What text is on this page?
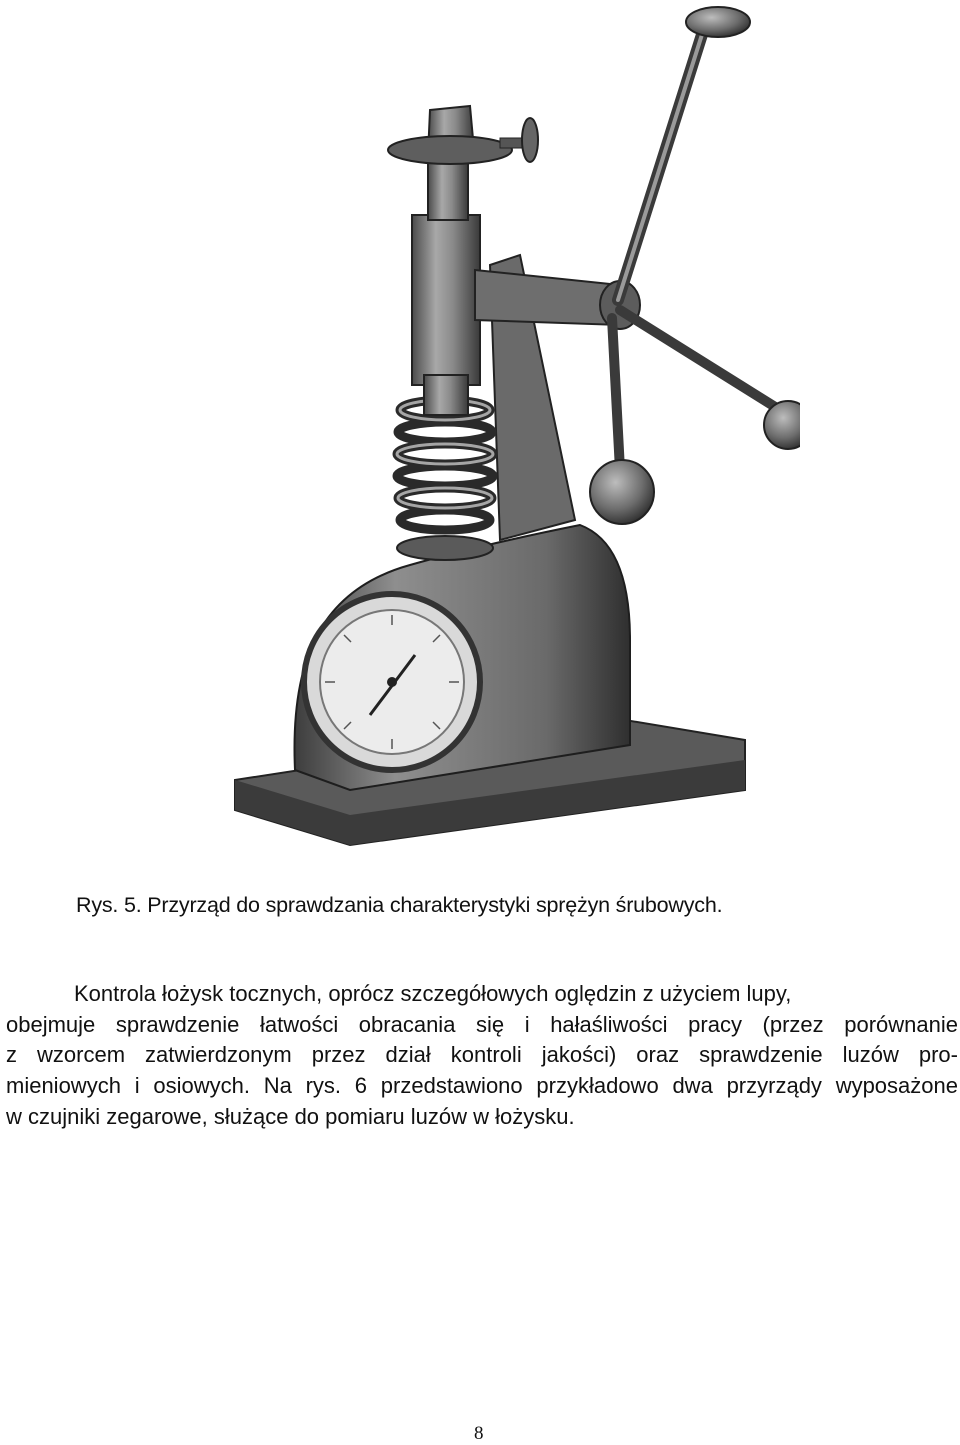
Rys. 5. Przyrząd do sprawdzania charakterystyki sprężyn śrubowych.
Kontrola łożysk tocznych, oprócz szczegółowych oględzin z użyciem lupy,
obejmuje sprawdzenie łatwości obracania się i hałaśliwości pracy (przez porównanie
z wzorcem zatwierdzonym przez dział kontroli jakości) oraz sprawdzenie luzów pro-
mieniowych i osiowych. Na rys. 6 przedstawiono przykładowo dwa przyrządy wyposażone
w czujniki zegarowe, służące do pomiaru luzów w łożysku.
8
